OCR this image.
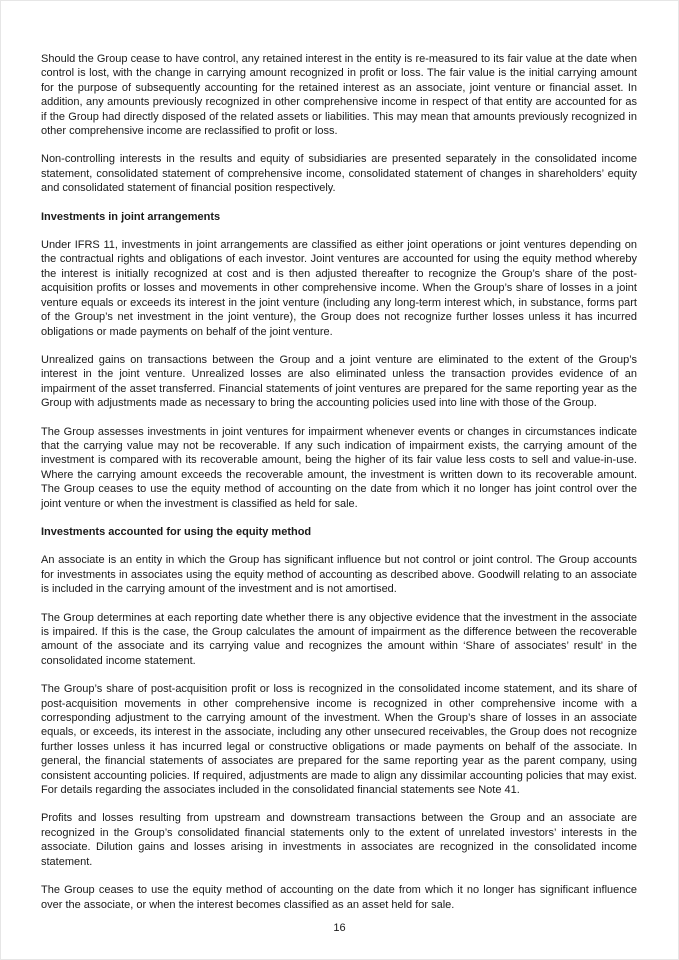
Should the Group cease to have control, any retained interest in the entity is re-measured to its fair value at the date when control is lost, with the change in carrying amount recognized in profit or loss. The fair value is the initial carrying amount for the purpose of subsequently accounting for the retained interest as an associate, joint venture or financial asset. In addition, any amounts previously recognized in other comprehensive income in respect of that entity are accounted for as if the Group had directly disposed of the related assets or liabilities. This may mean that amounts previously recognized in other comprehensive income are reclassified to profit or loss.

Non-controlling interests in the results and equity of subsidiaries are presented separately in the consolidated income statement, consolidated statement of comprehensive income, consolidated statement of changes in shareholders’ equity and consolidated statement of financial position respectively.

Investments in joint arrangements

Under IFRS 11, investments in joint arrangements are classified as either joint operations or joint ventures depending on the contractual rights and obligations of each investor. Joint ventures are accounted for using the equity method whereby the interest is initially recognized at cost and is then adjusted thereafter to recognize the Group’s share of the post-acquisition profits or losses and movements in other comprehensive income. When the Group’s share of losses in a joint venture equals or exceeds its interest in the joint venture (including any long-term interest which, in substance, forms part of the Group’s net investment in the joint venture), the Group does not recognize further losses unless it has incurred obligations or made payments on behalf of the joint venture.

Unrealized gains on transactions between the Group and a joint venture are eliminated to the extent of the Group’s interest in the joint venture. Unrealized losses are also eliminated unless the transaction provides evidence of an impairment of the asset transferred. Financial statements of joint ventures are prepared for the same reporting year as the Group with adjustments made as necessary to bring the accounting policies used into line with those of the Group.

The Group assesses investments in joint ventures for impairment whenever events or changes in circumstances indicate that the carrying value may not be recoverable. If any such indication of impairment exists, the carrying amount of the investment is compared with its recoverable amount, being the higher of its fair value less costs to sell and value-in-use. Where the carrying amount exceeds the recoverable amount, the investment is written down to its recoverable amount. The Group ceases to use the equity method of accounting on the date from which it no longer has joint control over the joint venture or when the investment is classified as held for sale.

Investments accounted for using the equity method

An associate is an entity in which the Group has significant influence but not control or joint control. The Group accounts for investments in associates using the equity method of accounting as described above. Goodwill relating to an associate is included in the carrying amount of the investment and is not amortised.

The Group determines at each reporting date whether there is any objective evidence that the investment in the associate is impaired. If this is the case, the Group calculates the amount of impairment as the difference between the recoverable amount of the associate and its carrying value and recognizes the amount within ‘Share of associates’ result’ in the consolidated income statement.

The Group’s share of post-acquisition profit or loss is recognized in the consolidated income statement, and its share of post-acquisition movements in other comprehensive income is recognized in other comprehensive income with a corresponding adjustment to the carrying amount of the investment. When the Group’s share of losses in an associate equals, or exceeds, its interest in the associate, including any other unsecured receivables, the Group does not recognize further losses unless it has incurred legal or constructive obligations or made payments on behalf of the associate. In general, the financial statements of associates are prepared for the same reporting year as the parent company, using consistent accounting policies. If required, adjustments are made to align any dissimilar accounting policies that may exist. For details regarding the associates included in the consolidated financial statements see Note 41.

Profits and losses resulting from upstream and downstream transactions between the Group and an associate are recognized in the Group’s consolidated financial statements only to the extent of unrelated investors’ interests in the associate. Dilution gains and losses arising in investments in associates are recognized in the consolidated income statement.

The Group ceases to use the equity method of accounting on the date from which it no longer has significant influence over the associate, or when the interest becomes classified as an asset held for sale.

16
